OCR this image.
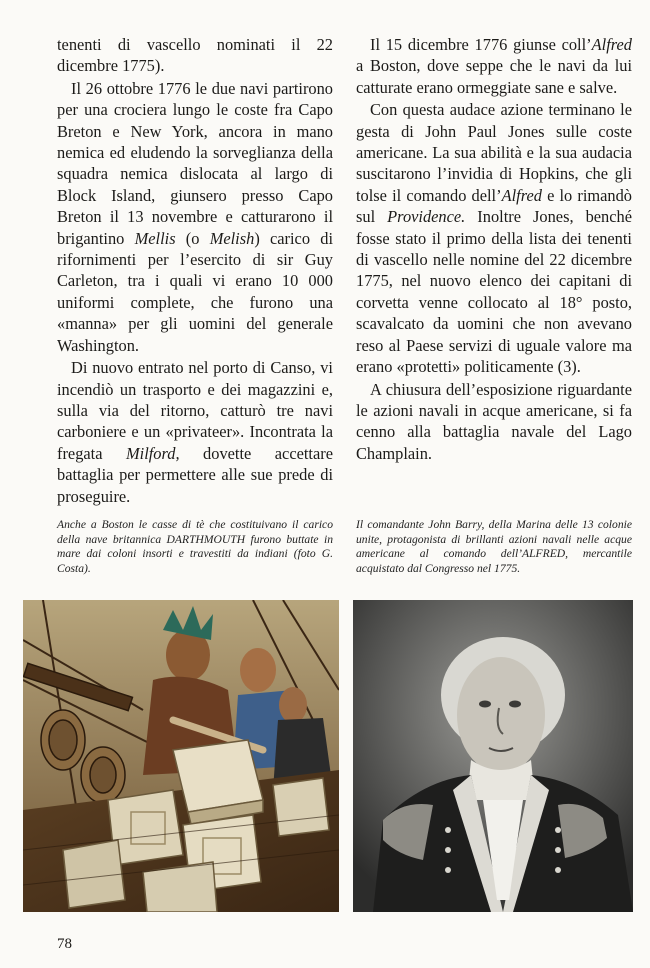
tenenti di vascello nominati il 22 dicembre 1775).

Il 26 ottobre 1776 le due navi partirono per una crociera lungo le coste fra Capo Breton e New York, ancora in mano nemica ed eludendo la sorveglianza della squadra nemica dislocata al largo di Block Island, giunsero presso Capo Breton il 13 novembre e catturarono il brigantino Mellis (o Melish) carico di rifornimenti per l’esercito di sir Guy Carleton, tra i quali vi erano 10 000 uniformi complete, che furono una «manna» per gli uomini del generale Washington.

Di nuovo entrato nel porto di Canso, vi incendiò un trasporto e dei magazzini e, sulla via del ritorno, catturò tre navi carboniere e un «privateer». Incontrata la fregata Milford, dovette accettare battaglia per permettere alle sue prede di proseguire.

Il 15 dicembre 1776 giunse coll’Alfred a Boston, dove seppe che le navi da lui catturate erano ormeggiate sane e salve.

Con questa audace azione terminano le gesta di John Paul Jones sulle coste americane. La sua abilità e la sua audacia suscitarono l’invidia di Hopkins, che gli tolse il comando dell’Alfred e lo rimandò sul Providence. Inoltre Jones, benché fosse stato il primo della lista dei tenenti di vascello nelle nomine del 22 dicembre 1775, nel nuovo elenco dei capitani di corvetta venne collocato al 18° posto, scavalcato da uomini che non avevano reso al Paese servizi di uguale valore ma erano «protetti» politicamente (3).

A chiusura dell’esposizione riguardante le azioni navali in acque americane, si fa cenno alla battaglia navale del Lago Champlain.

Anche a Boston le casse di tè che costituivano il carico della nave britannica DARTHMOUTH furono buttate in mare dai coloni insorti e travestiti da indiani (foto G. Costa).
Il comandante John Barry, della Marina delle 13 colonie unite, protagonista di brillanti azioni navali nelle acque americane al comando dell’ALFRED, mercantile acquistato dal Congresso nel 1775.
78
